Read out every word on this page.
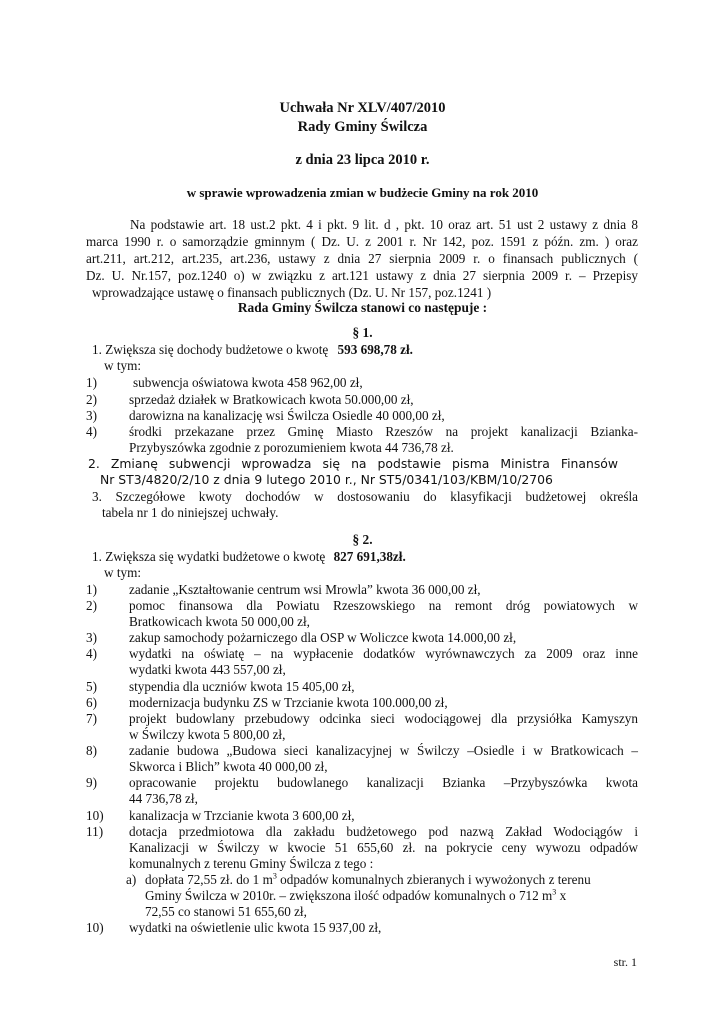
Uchwała Nr XLV/407/2010
Rady Gminy Świlcza
z dnia 23 lipca 2010 r.
w sprawie wprowadzenia zmian w budżecie Gminy na rok 2010
Na podstawie art. 18 ust.2 pkt. 4 i pkt. 9 lit. d , pkt. 10 oraz art. 51 ust 2 ustawy z dnia 8
marca 1990 r. o samorządzie gminnym ( Dz. U. z 2001 r. Nr 142, poz. 1591 z późn. zm. ) oraz
art.211, art.212, art.235, art.236, ustawy z dnia 27 sierpnia 2009 r. o finansach publicznych (
Dz. U. Nr.157, poz.1240 o) w związku z art.121 ustawy z dnia 27 sierpnia 2009 r. – Przepisy
wprowadzające ustawę o finansach publicznych (Dz. U. Nr 157, poz.1241 )
Rada Gminy Świlcza stanowi co następuje :
§ 1.
1. Zwiększa się dochody budżetowe o kwotę 593 698,78 zł.
w tym:
1)	subwencja oświatowa kwota 458 962,00 zł,
2) sprzedaż działek w Bratkowicach kwota 50.000,00 zł,
3) darowizna na kanalizację wsi Świlcza Osiedle 40 000,00 zł,
4) środki przekazane przez Gminę Miasto Rzeszów na projekt kanalizacji Bzianka-
Przybyszówka zgodnie z porozumieniem kwota 44 736,78 zł.
2. Zmianę subwencji wprowadza się na podstawie pisma Ministra Finansów
Nr ST3/4820/2/10 z dnia 9 lutego 2010 r., Nr ST5/0341/103/KBM/10/2706
3. Szczegółowe kwoty dochodów w dostosowaniu do klasyfikacji budżetowej określa
tabela nr 1 do niniejszej uchwały.
§ 2.
1. Zwiększa się wydatki budżetowe o kwotę 827 691,38zł.
w tym:
1) zadanie „Kształtowanie centrum wsi Mrowla” kwota 36 000,00 zł,
2) pomoc finansowa dla Powiatu Rzeszowskiego na remont dróg powiatowych w
Bratkowicach kwota 50 000,00 zł,
3) zakup samochody pożarniczego dla OSP w Woliczce kwota 14.000,00 zł,
4) wydatki na oświatę – na wypłacenie dodatków wyrównawczych za 2009 oraz inne
wydatki kwota 443 557,00 zł,
5) stypendia dla uczniów kwota 15 405,00 zł,
6) modernizacja budynku ZS w Trzcianie kwota 100.000,00 zł,
7) projekt budowlany przebudowy odcinka sieci wodociągowej dla przysiółka Kamyszyn
w Świlczy kwota 5 800,00 zł,
8) zadanie budowa „Budowa sieci kanalizacyjnej w Świlczy –Osiedle i w Bratkowicach –
Skworca i Blich” kwota 40 000,00 zł,
9) opracowanie projektu budowlanego kanalizacji Bzianka –Przybyszówka kwota
44 736,78 zł,
10) kanalizacja w Trzcianie kwota 3 600,00 zł,
11) dotacja przedmiotowa dla zakładu budżetowego pod nazwą Zakład Wodociągów i
Kanalizacji w Świlczy w kwocie 51 655,60 zł. na pokrycie ceny wywozu odpadów
komunalnych z terenu Gminy Świlcza z tego :
a) dopłata 72,55 zł. do 1 $m^3$ odpadów komunalnych zbieranych i wywożonych z terenu
Gminy Świlcza w 2010r. – zwiększona ilość odpadów komunalnych o 712 $m^3$ x
72,55 co stanowi 51 655,60 zł,
10) wydatki na oświetlenie ulic kwota 15 937,00 zł,
str. 1
